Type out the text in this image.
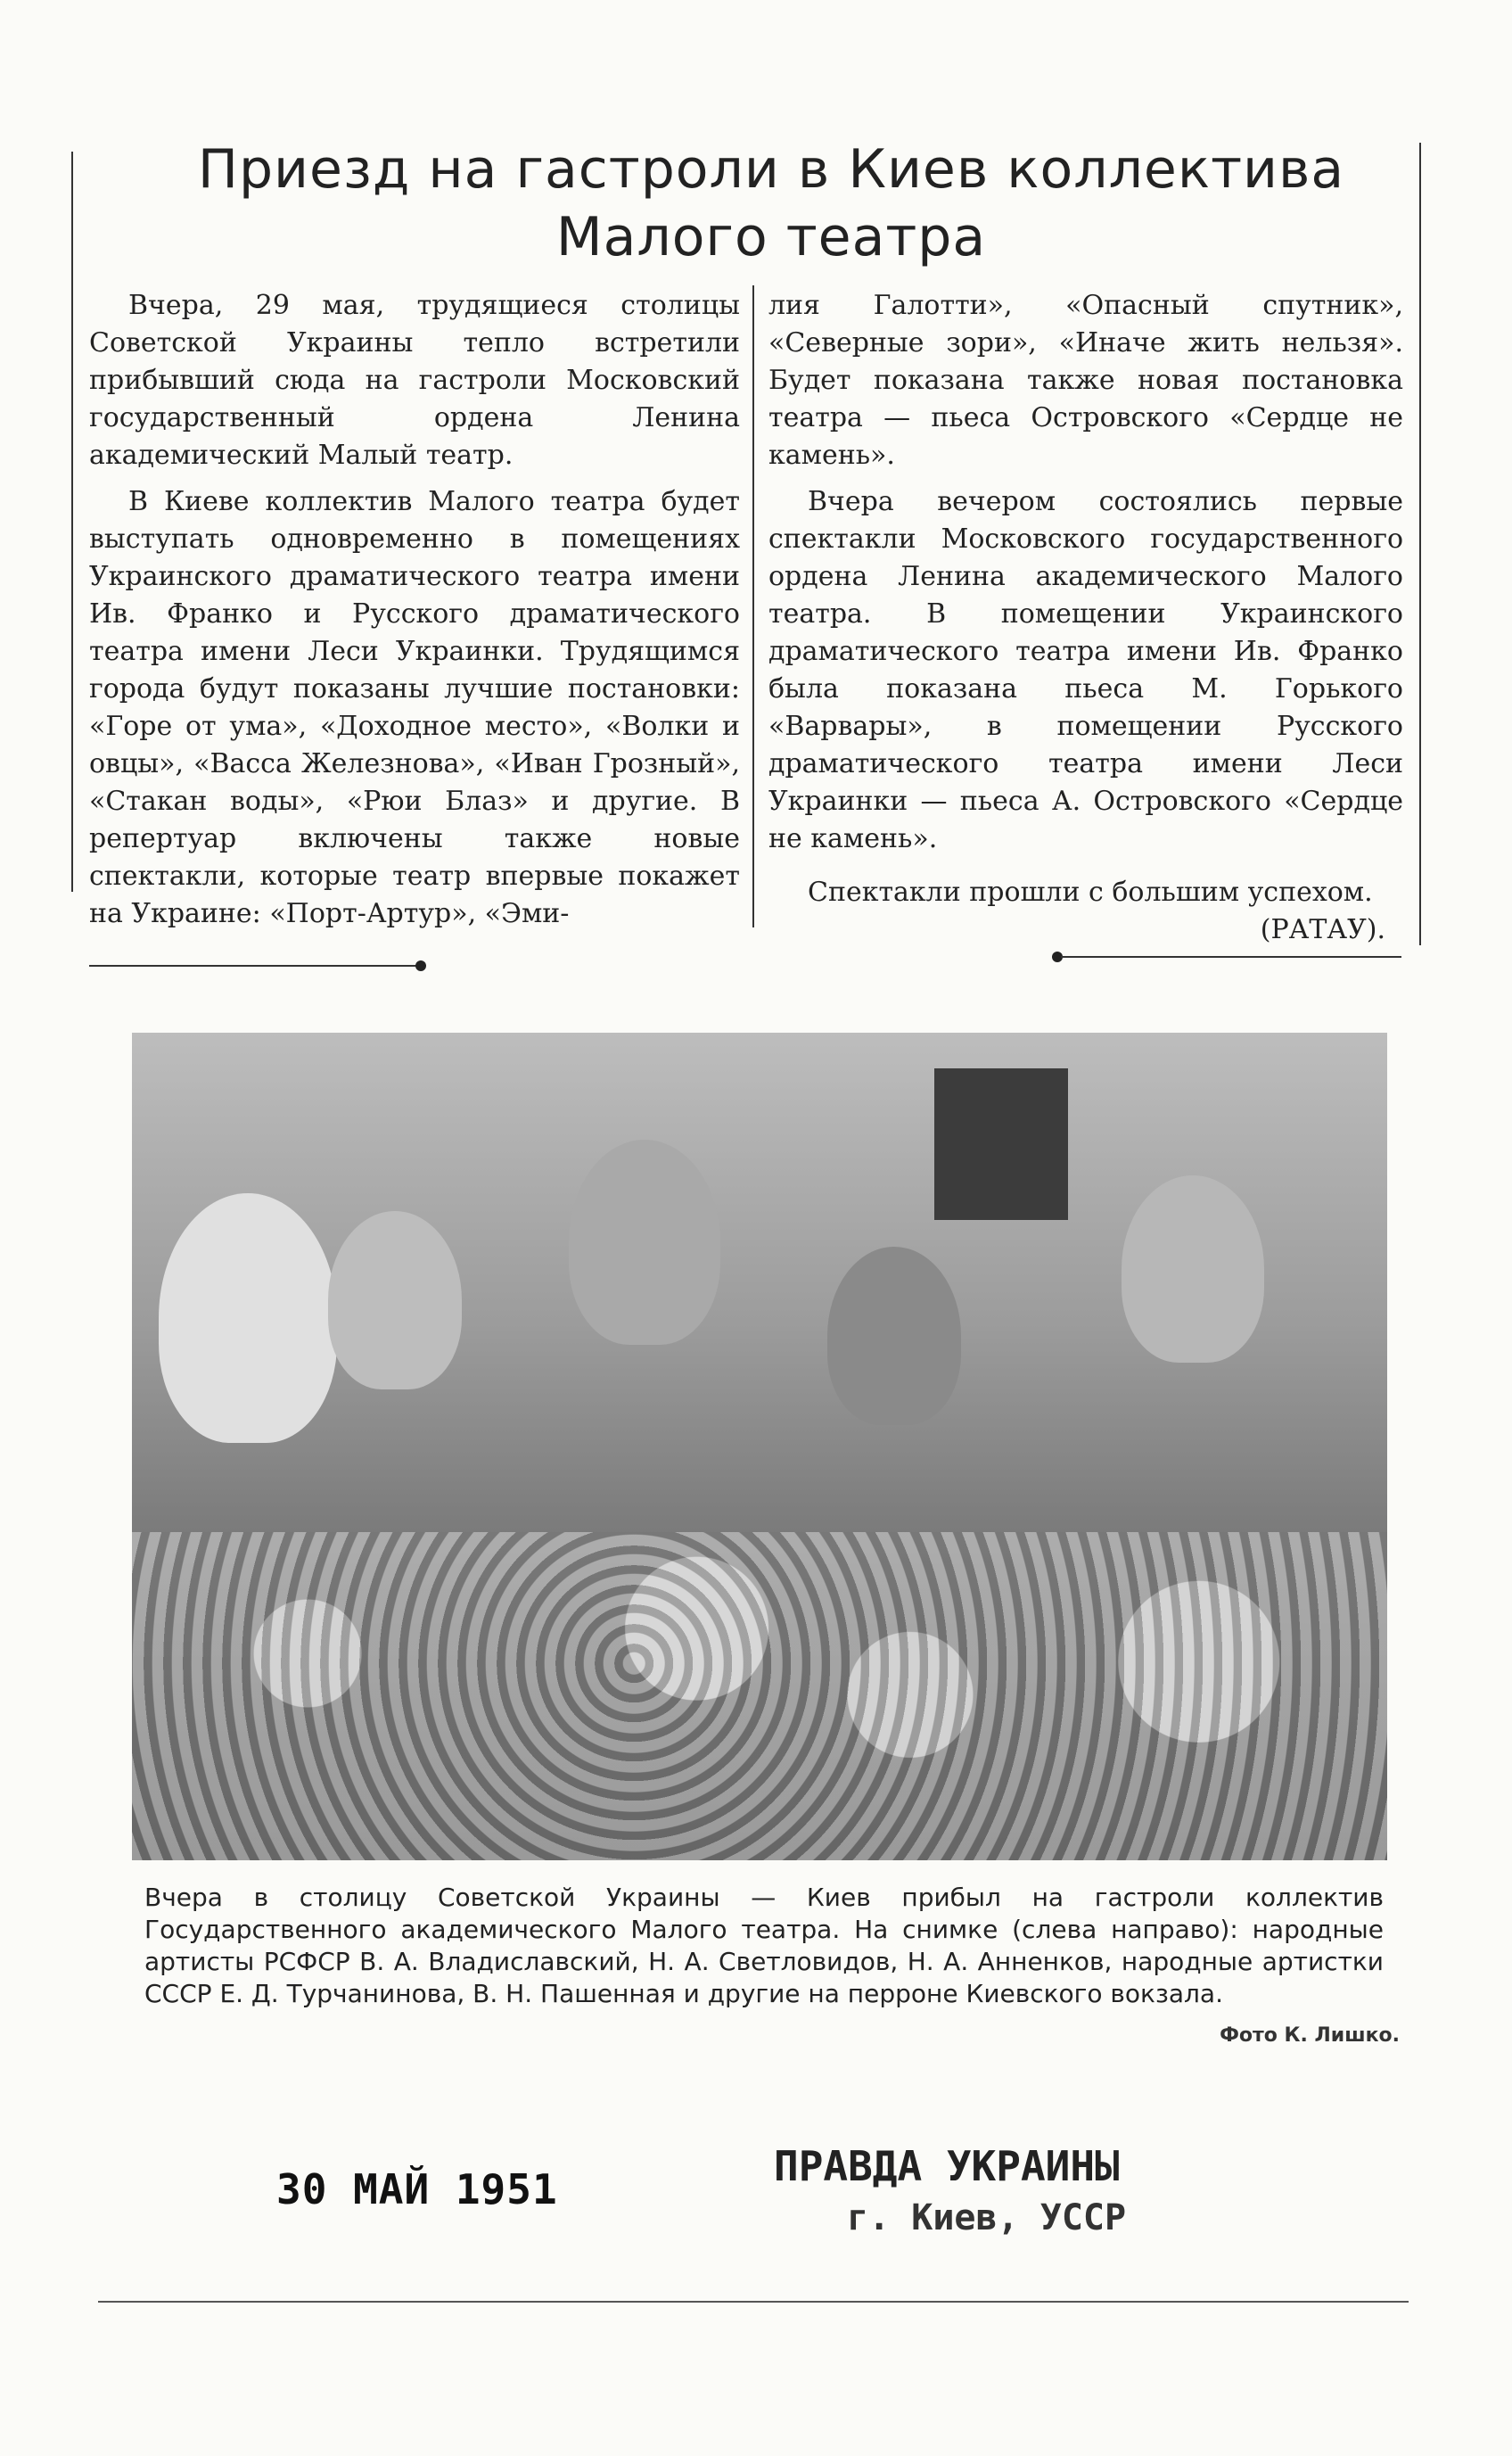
Приезд на гастроли в Киев коллектива
Малого театра

Вчера, 29 мая, трудящиеся столицы Советской Украины тепло встретили прибывший сюда на гастроли Московский государственный ордена Ленина академический Малый театр.

В Киеве коллектив Малого театра будет выступать одновременно в помещениях Украинского драматического театра имени Ив. Франко и Русского драматического театра имени Леси Украинки. Трудящимся города будут показаны лучшие постановки: «Горе от ума», «Доходное место», «Волки и овцы», «Васса Железнова», «Иван Грозный», «Стакан воды», «Рюи Блаз» и другие. В репертуар включены также новые спектакли, которые театр впервые покажет на Украине: «Порт-Артур», «Эми-

лия Галотти», «Опасный спутник», «Северные зори», «Иначе жить нельзя». Будет показана также новая постановка театра — пьеса Островского «Сердце не камень».

Вчера вечером состоялись первые спектакли Московского государственного ордена Ленина академического Малого театра. В помещении Украинского драматического театра имени Ив. Франко была показана пьеса М. Горького «Варвары», в помещении Русского драматического театра имени Леси Украинки — пьеса А. Островского «Сердце не камень».

Спектакли прошли с большим успехом.

(РАТАУ).
Вчера в столицу Советской Украины — Киев прибыл на гастроли коллектив Государственного академического Малого театра. На снимке (слева направо): народные артисты РСФСР В. А. Владиславский, Н. А. Светловидов, Н. А. Анненков, народные артистки СССР Е. Д. Турчанинова, В. Н. Пашенная и другие на перроне Киевского вокзала.
Фото К. Лишко.
30 МАЙ 1951	ПРАВДА УКРАИНЫ
г. Киев, УССР
